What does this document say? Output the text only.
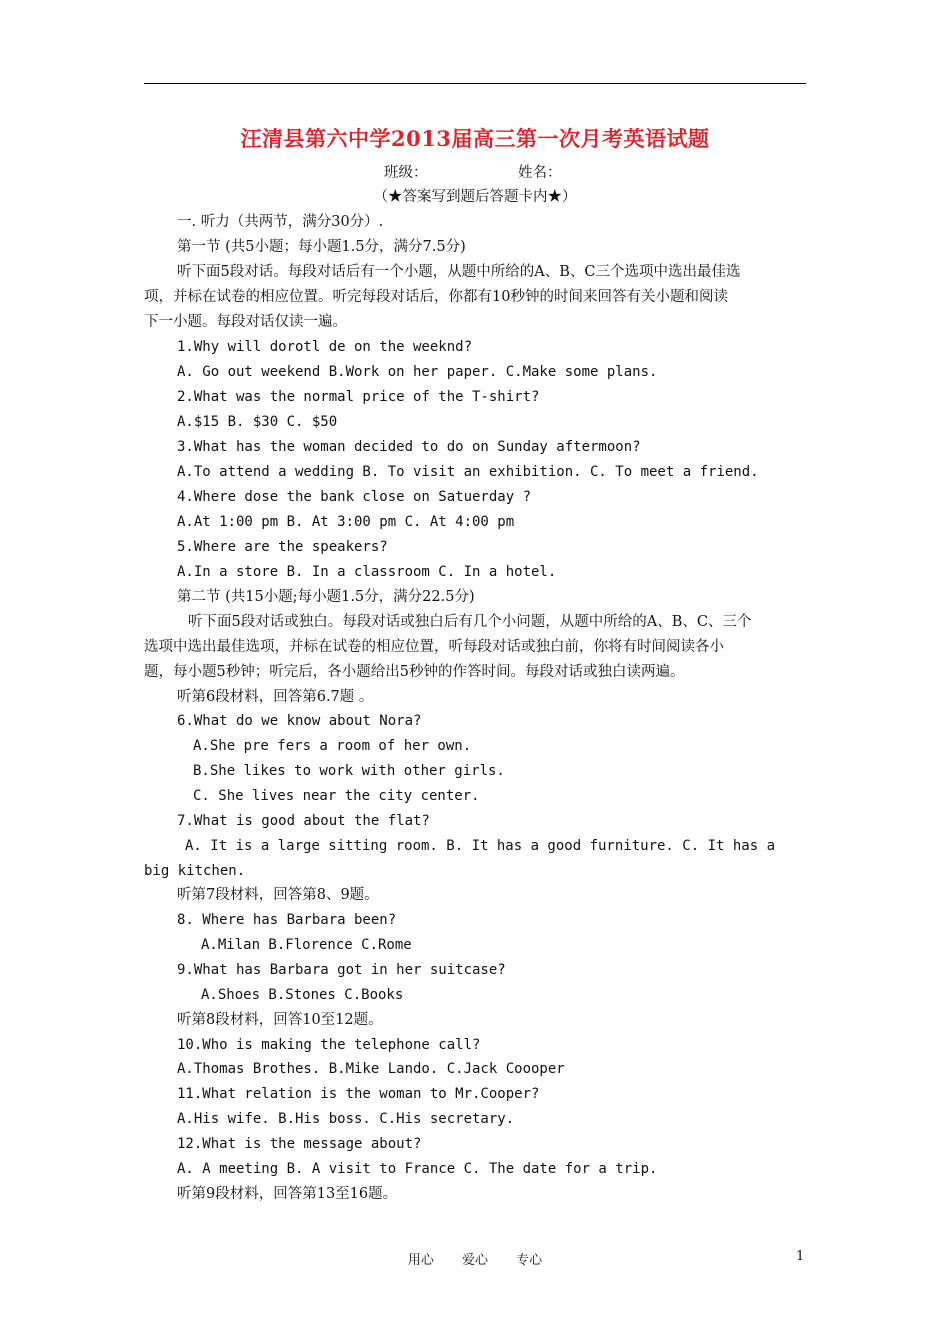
汪清县第六中学2013届高三第一次月考英语试题
班级：	姓名：
（★答案写到题后答题卡内★）
一. 听力（共两节，满分30分）.
第一节 (共5小题；每小题1.5分，满分7.5分)
听下面5段对话。每段对话后有一个小题，从题中所给的A、B、C三个选项中选出最佳选
项，并标在试卷的相应位置。听完每段对话后，你都有10秒钟的时间来回答有关小题和阅读
下一小题。每段对话仅读一遍。
1.Why will dorotl de on the weeknd?
A. Go out weekend B.Work on her paper. C.Make some plans.
2.What was the normal price of the T-shirt?
A.$15 B. $30 C. $50
3.What has the woman decided to do on Sunday aftermoon?
A.To attend a wedding B. To visit an exhibition. C. To meet a friend.
4.Where dose the bank close on Satuerday ?
A.At 1:00 pm B. At 3:00 pm C. At 4:00 pm
5.Where are the speakers?
A.In a store B. In a classroom C. In a hotel.
第二节 (共15小题;每小题1.5分，满分22.5分)
听下面5段对话或独白。每段对话或独白后有几个小问题，从题中所给的A、B、C、三个
选项中选出最佳选项，并标在试卷的相应位置，听每段对话或独白前，你将有时间阅读各小
题，每小题5秒钟；听完后，各小题给出5秒钟的作答时间。每段对话或独白读两遍。
听第6段材料，回答第6.7题 。
6.What do we know about Nora?
A.She pre fers a room of her own.
B.She likes to work with other girls.
C. She lives near the city center.
7.What is good about the flat?
A. It is a large sitting room. B. It has a good furniture. C. It has a
big kitchen.
听第7段材料，回答第8、9题。
8. Where has Barbara been?
A.Milan B.Florence C.Rome
9.What has Barbara got in her suitcase?
A.Shoes B.Stones C.Books
听第8段材料，回答10至12题。
10.Who is making the telephone call?
A.Thomas Brothes. B.Mike Lando. C.Jack Coooper
11.What relation is the woman to Mr.Cooper?
A.His wife. B.His boss. C.His secretary.
12.What is the message about?
A. A meeting B. A visit to France C. The date for a trip.
听第9段材料，回答第13至16题。
用心 爱心 专心	1
